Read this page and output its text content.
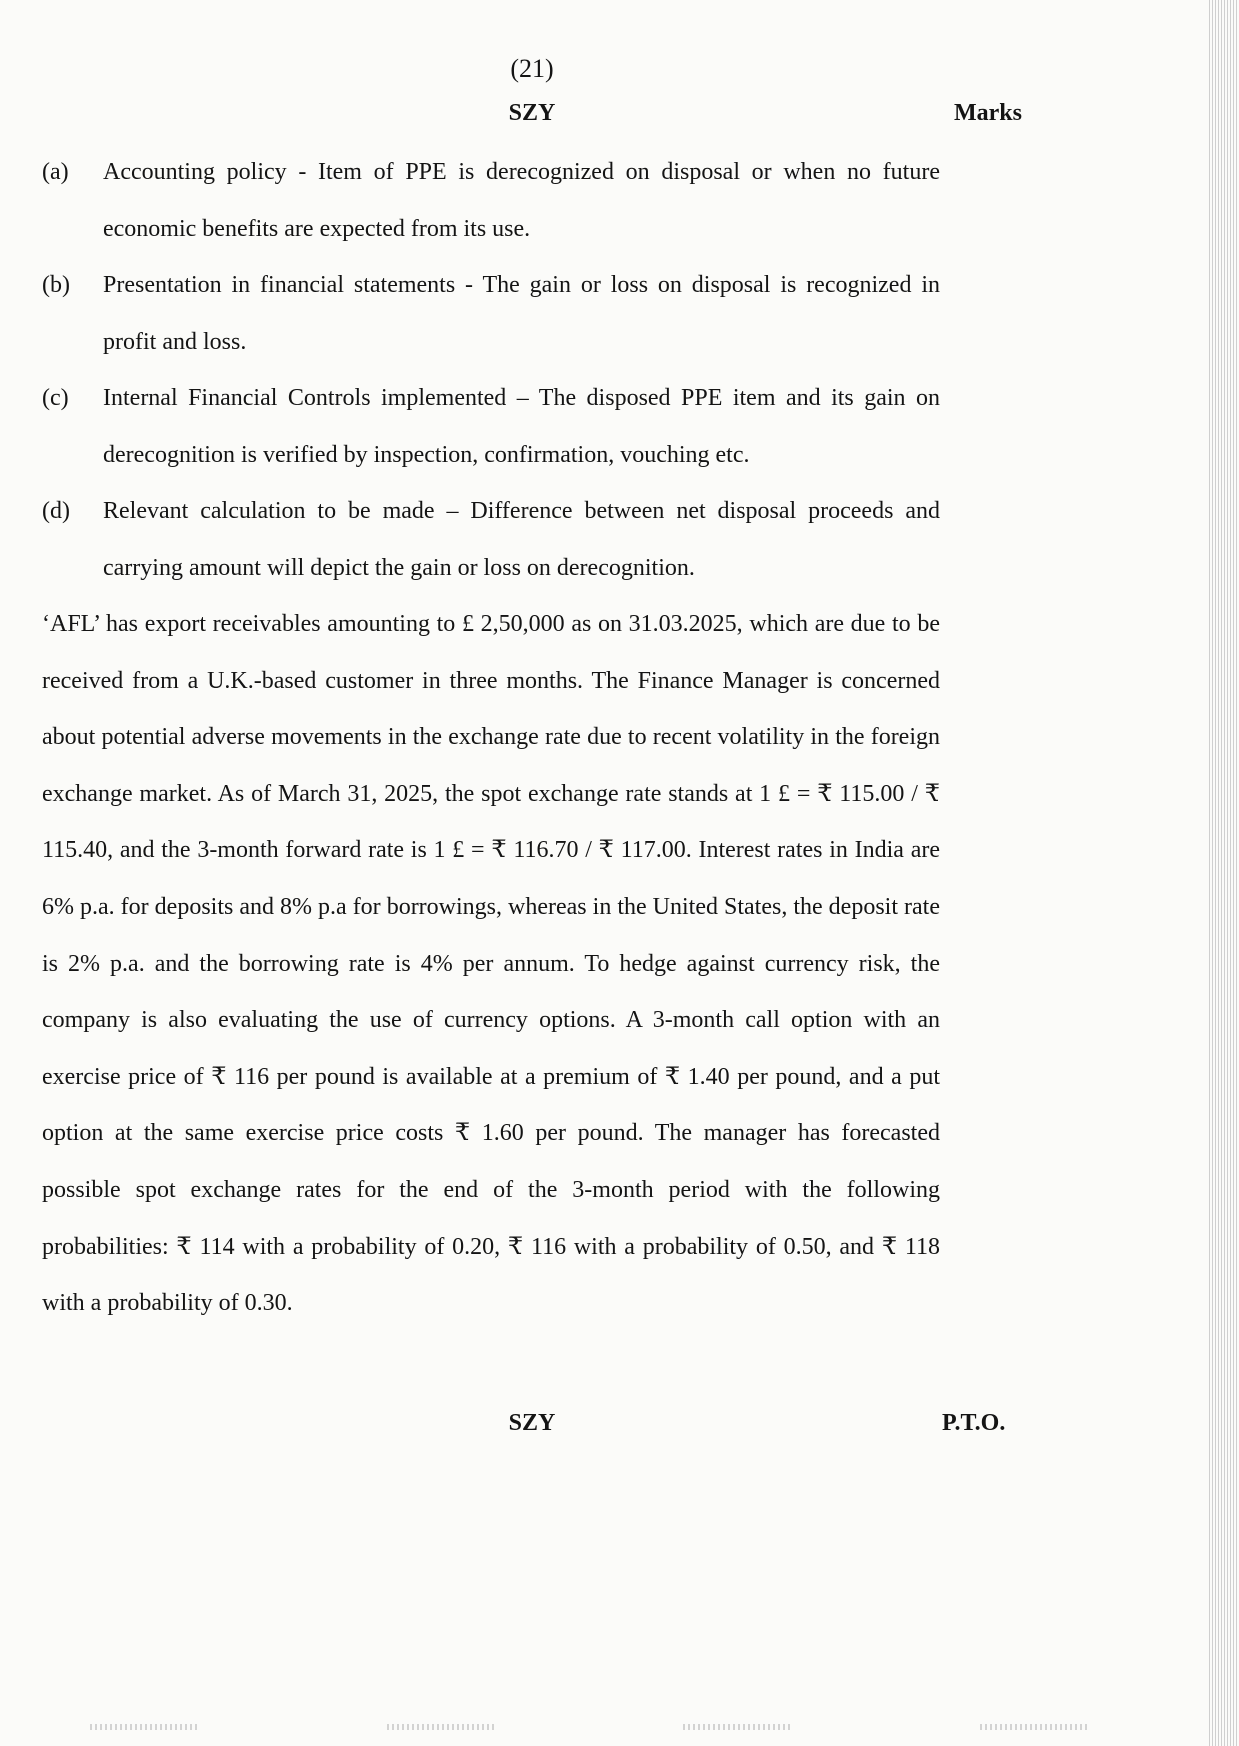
(21)
SZY	Marks
(a)	Accounting policy - Item of PPE is derecognized on disposal or when no future economic benefits are expected from its use.
(b)	Presentation in financial statements - The gain or loss on disposal is recognized in profit and loss.
(c)	Internal Financial Controls implemented – The disposed PPE item and its gain on derecognition is verified by inspection, confirmation, vouching etc.
(d)	Relevant calculation to be made – Difference between net disposal proceeds and carrying amount will depict the gain or loss on derecognition.
‘AFL’ has export receivables amounting to £ 2,50,000 as on 31.03.2025, which are due to be received from a U.K.-based customer in three months. The Finance Manager is concerned about potential adverse movements in the exchange rate due to recent volatility in the foreign exchange market. As of March 31, 2025, the spot exchange rate stands at 1 £ = ₹ 115.00 / ₹ 115.40, and the 3-month forward rate is 1 £ = ₹ 116.70 / ₹ 117.00. Interest rates in India are 6% p.a. for deposits and 8% p.a for borrowings, whereas in the United States, the deposit rate is 2% p.a. and the borrowing rate is 4% per annum. To hedge against currency risk, the company is also evaluating the use of currency options. A 3-month call option with an exercise price of ₹ 116 per pound is available at a premium of ₹ 1.40 per pound, and a put option at the same exercise price costs ₹ 1.60 per pound. The manager has forecasted possible spot exchange rates for the end of the 3-month period with the following probabilities: ₹ 114 with a probability of 0.20, ₹ 116 with a probability of 0.50, and ₹ 118 with a probability of 0.30.
SZY	P.T.O.
